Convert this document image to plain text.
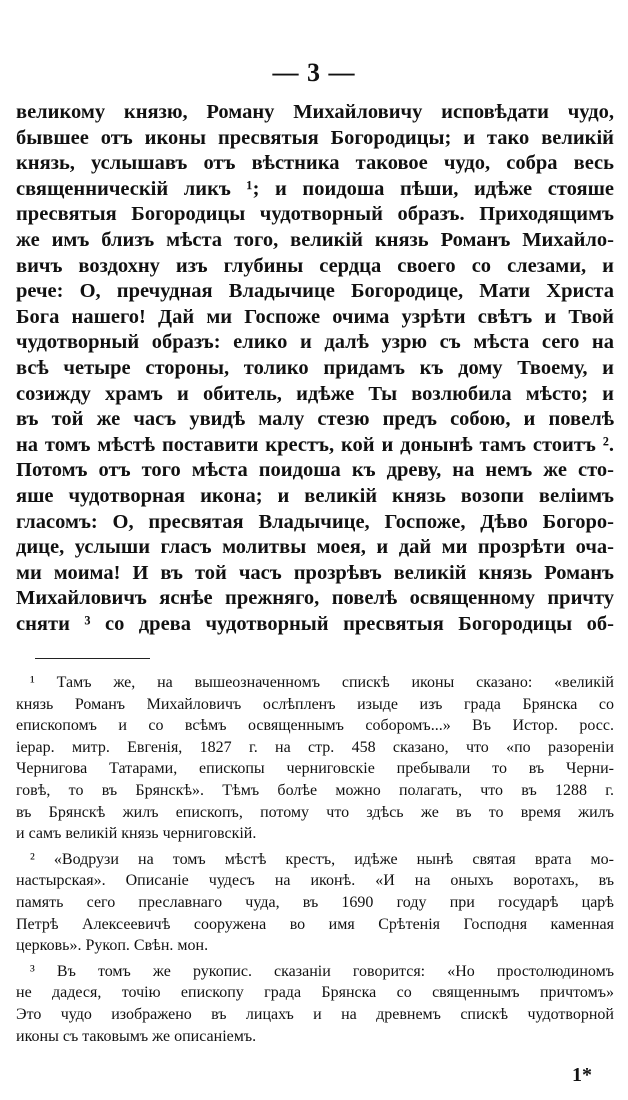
— 3 —
великому князю, Роману Михайловичу исповѣдати чудо,
бывшее отъ иконы пресвятыя Богородицы; и тако великій
князь, услышавъ отъ вѣстника таковое чудо, собра весь
священническій ликъ ¹; и поидоша пѣши, идѣже стояше
пресвятыя Богородицы чудотворный образъ. Приходящимъ
же имъ близъ мѣста того, великій князь Романъ Михайло-
вичъ воздохну изъ глубины сердца своего со слезами, и
рече: О, пречудная Владычице Богородице, Мати Христа
Бога нашего! Дай ми Госпоже очима узрѣти свѣтъ и Твой
чудотворный образъ: елико и далѣ узрю съ мѣста сего на
всѣ четыре стороны, толико придамъ къ дому Твоему, и
созижду храмъ и обитель, идѣже Ты возлюбила мѣсто; и
въ той же часъ увидѣ малу стезю предъ собою, и повелѣ
на томъ мѣстѣ поставити крестъ, кой и донынѣ тамъ стоитъ ².
Потомъ отъ того мѣста поидоша къ древу, на немъ же сто-
яше чудотворная икона; и великій князь возопи велiимъ
гласомъ: О, пресвятая Владычице, Госпоже, Дѣво Богоро-
дице, услыши гласъ молитвы моея, и дай ми прозрѣти оча-
ми моима! И въ той часъ прозрѣвъ великій князь Романъ
Михайловичъ яснѣе прежняго, повелѣ освященному причту
сняти ³ со древа чудотворный пресвятыя Богородицы об-
¹ Тамъ же, на вышеозначенномъ спискѣ иконы сказано: «великій
князь Романъ Михайловичъ ослѣпленъ изыде изъ града Брянска со
епископомъ и со всѣмъ освященнымъ соборомъ...» Въ Истор. росс.
іерар. митр. Евгенія, 1827 г. на стр. 458 сказано, что «по разореніи
Чернигова Татарами, епископы черниговскіе пребывали то въ Черни-
говѣ, то въ Брянскѣ». Тѣмъ болѣе можно полагать, что въ 1288 г.
въ Брянскѣ жилъ епископъ, потому что здѣсь же въ то время жилъ
и самъ великій князь черниговскій.
² «Водрузи на томъ мѣстѣ крестъ, идѣже нынѣ святая врата мо-
настырская». Описаніе чудесъ на иконѣ. «И на оныхъ воротахъ, въ
память сего преславнаго чуда, въ 1690 году при государѣ царѣ
Петрѣ Алексеевичѣ сооружена во имя Срѣтенія Господня каменная
церковь». Рукоп. Свѣн. мон.
³ Въ томъ же рукопис. сказаніи говорится: «Но простолюдиномъ
не дадеся, точію епископу града Брянска со священнымъ причтомъ»
Это чудо изображено въ лицахъ и на древнемъ спискѣ чудотворной
иконы съ таковымъ же описаніемъ.
1*
